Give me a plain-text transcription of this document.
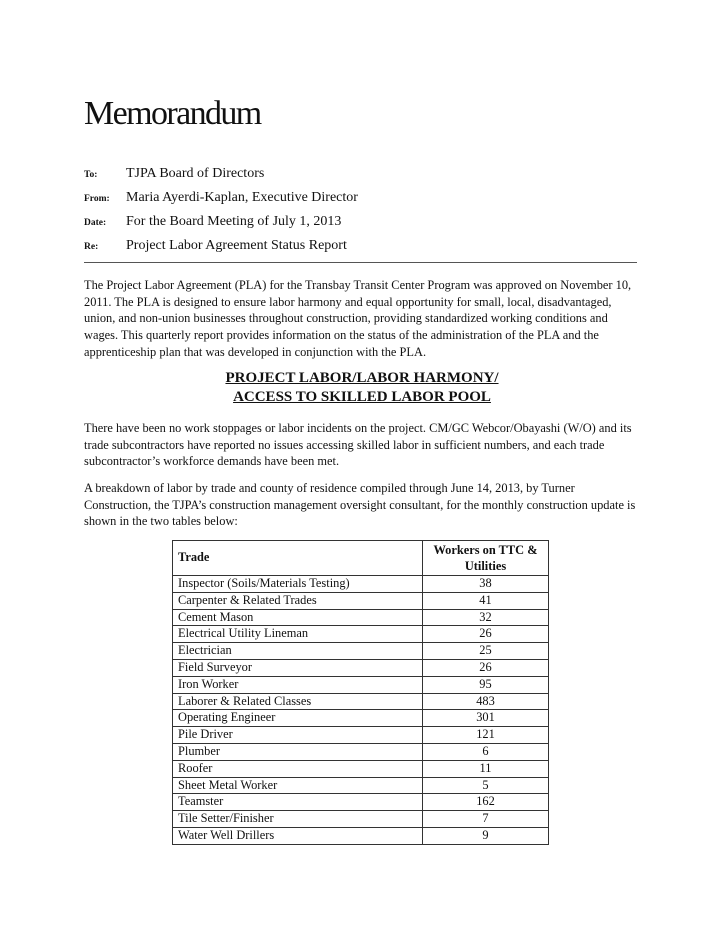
Memorandum
To:	TJPA Board of Directors
From:	Maria Ayerdi-Kaplan, Executive Director
Date:	For the Board Meeting of July 1, 2013
Re:	Project Labor Agreement Status Report

The Project Labor Agreement (PLA) for the Transbay Transit Center Program was approved on November 10, 2011. The PLA is designed to ensure labor harmony and equal opportunity for small, local, disadvantaged, union, and non-union businesses throughout construction, providing standardized working conditions and wages. This quarterly report provides information on the status of the administration of the PLA and the apprenticeship plan that was developed in conjunction with the PLA.

PROJECT LABOR/LABOR HARMONY/
ACCESS TO SKILLED LABOR POOL

There have been no work stoppages or labor incidents on the project. CM/GC Webcor/Obayashi (W/O) and its trade subcontractors have reported no issues accessing skilled labor in sufficient numbers, and each trade subcontractor’s workforce demands have been met.

A breakdown of labor by trade and county of residence compiled through June 14, 2013, by Turner Construction, the TJPA’s construction management oversight consultant, for the monthly construction update is shown in the two tables below:

Trade	Workers on TTC & Utilities
Inspector (Soils/Materials Testing)	38
Carpenter & Related Trades	41
Cement Mason	32
Electrical Utility Lineman	26
Electrician	25
Field Surveyor	26
Iron Worker	95
Laborer & Related Classes	483
Operating Engineer	301
Pile Driver	121
Plumber	6
Roofer	11
Sheet Metal Worker	5
Teamster	162
Tile Setter/Finisher	7
Water Well Drillers	9
